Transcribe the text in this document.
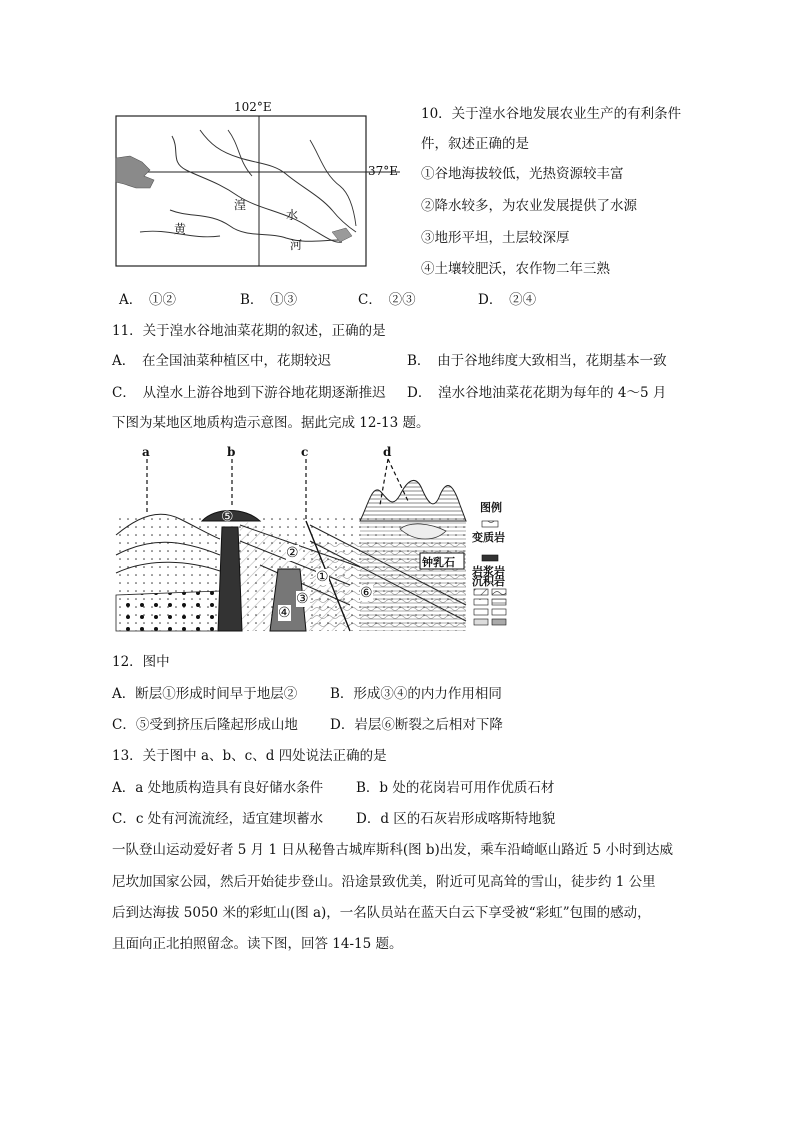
102°E
37°E
湟
水
黄
河
10．关于湟水谷地发展农业生产的有利条件
件，叙述正确的是
①谷地海拔较低，光热资源较丰富
②降水较多，为农业发展提供了水源
③地形平坦，土层较深厚
④土壤较肥沃，农作物二年三熟
A．　①②	B．　①③	C．　②③	D．　②④
11．关于湟水谷地油菜花期的叙述，正确的是
A．　在全国油菜种植区中，花期较迟	B．　由于谷地纬度大致相当，花期基本一致
C．　从湟水上游谷地到下游谷地花期逐渐推迟 D．　湟水谷地油菜花花期为每年的 4～5 月
下图为某地区地质构造示意图。据此完成 12-13 题。
a	b	c	d
⑤
②
①
③
④
⑥
钟乳石
图例
变质岩
岩浆岩
沉积岩
12．图中
A．断层①形成时间早于地层② B．形成③④的内力作用相同
C．⑤受到挤压后隆起形成山地 D．岩层⑥断裂之后相对下降
13．关于图中 a、b、c、d 四处说法正确的是
A．a 处地质构造具有良好储水条件 B．b 处的花岗岩可用作优质石材
C．c 处有河流流经，适宜建坝蓄水 D．d 区的石灰岩形成喀斯特地貌
一队登山运动爱好者 5 月 1 日从秘鲁古城库斯科(图 b)出发，乘车沿崎岖山路近 5 小时到达威
尼坎加国家公园，然后开始徒步登山。沿途景致优美，附近可见高耸的雪山，徒步约 1 公里
后到达海拔 5050 米的彩虹山(图 a)，一名队员站在蓝天白云下享受被“彩虹”包围的感动，
且面向正北拍照留念。读下图，回答 14-15 题。
